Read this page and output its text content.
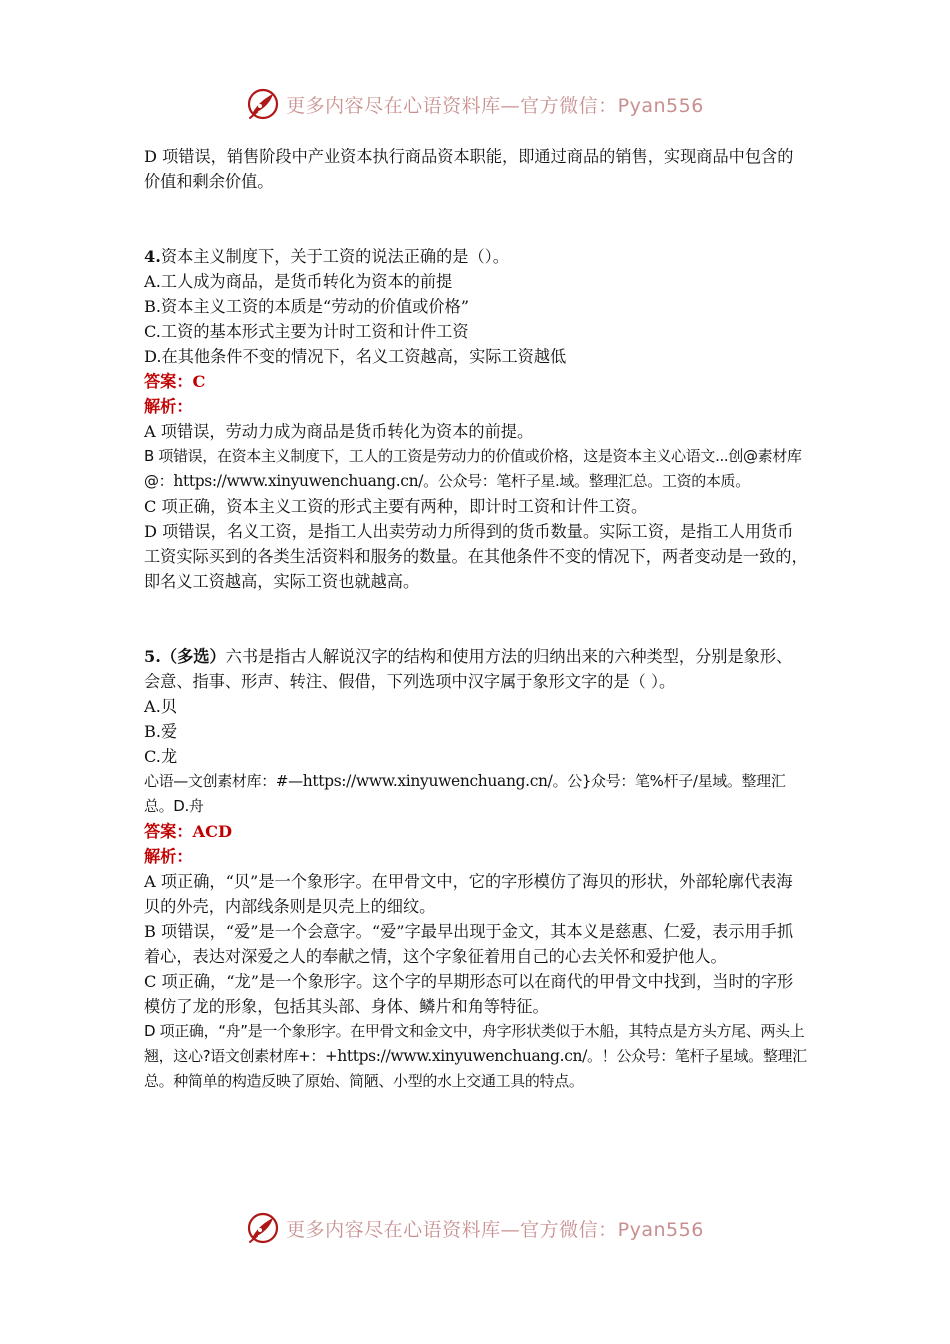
更多内容尽在心语资料库—官方微信：Pyan556

D 项错误，销售阶段中产业资本执行商品资本职能，即通过商品的销售，实现商品中包含的价值和剩余价值。

4.资本主义制度下，关于工资的说法正确的是（）。

A.工人成为商品，是货币转化为资本的前提

B.资本主义工资的本质是“劳动的价值或价格”

C.工资的基本形式主要为计时工资和计件工资

D.在其他条件不变的情况下，名义工资越高，实际工资越低

答案：C

解析：

A 项错误，劳动力成为商品是货币转化为资本的前提。

B 项错误，在资本主义制度下，工人的工资是劳动力的价值或价格，这是资本主义心语文...创@素材库@：https://www.xinyuwenchuang.cn/。公众号：笔杆子星.域。整理汇总。工资的本质。

C 项正确，资本主义工资的形式主要有两种，即计时工资和计件工资。

D 项错误，名义工资，是指工人出卖劳动力所得到的货币数量。实际工资，是指工人用货币工资实际买到的各类生活资料和服务的数量。在其他条件不变的情况下，两者变动是一致的，即名义工资越高，实际工资也就越高。

5.（多选）六书是指古人解说汉字的结构和使用方法的归纳出来的六种类型，分别是象形、会意、指事、形声、转注、假借，下列选项中汉字属于象形文字的是（ ）。

A.贝

B.爱

C.龙

心语—文创素材库：#—https://www.xinyuwenchuang.cn/。公}众号：笔%杆子/星域。整理汇总。D.舟

答案：ACD

解析：

A 项正确，“贝”是一个象形字。在甲骨文中，它的字形模仿了海贝的形状，外部轮廓代表海贝的外壳，内部线条则是贝壳上的细纹。

B 项错误，“爱”是一个会意字。“爱”字最早出现于金文，其本义是慈惠、仁爱，表示用手抓着心，表达对深爱之人的奉献之情，这个字象征着用自己的心去关怀和爱护他人。

C 项正确，“龙”是一个象形字。这个字的早期形态可以在商代的甲骨文中找到，当时的字形模仿了龙的形象，包括其头部、身体、鳞片和角等特征。

D 项正确，“舟”是一个象形字。在甲骨文和金文中，舟字形状类似于木船，其特点是方头方尾、两头上翘，这心?语文创素材库+：+https://www.xinyuwenchuang.cn/。！公众号：笔杆子星域。整理汇总。种简单的构造反映了原始、简陋、小型的水上交通工具的特点。

更多内容尽在心语资料库—官方微信：Pyan556
